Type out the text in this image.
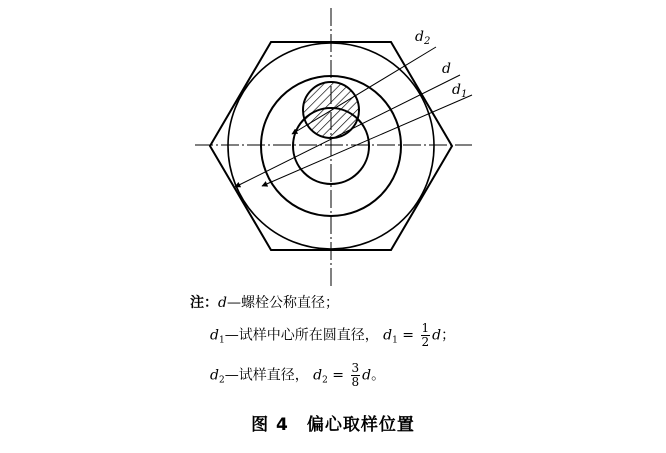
$d_2$
d
$d_1$
注：d—螺栓公称直径；
$d_1—$试样中心所在圆直径， $d_1 = \frac{1}{2}$ d；
$d_2—$试样直径， $d_2 = \frac{3}{8}$ d。
图 4 偏心取样位置
